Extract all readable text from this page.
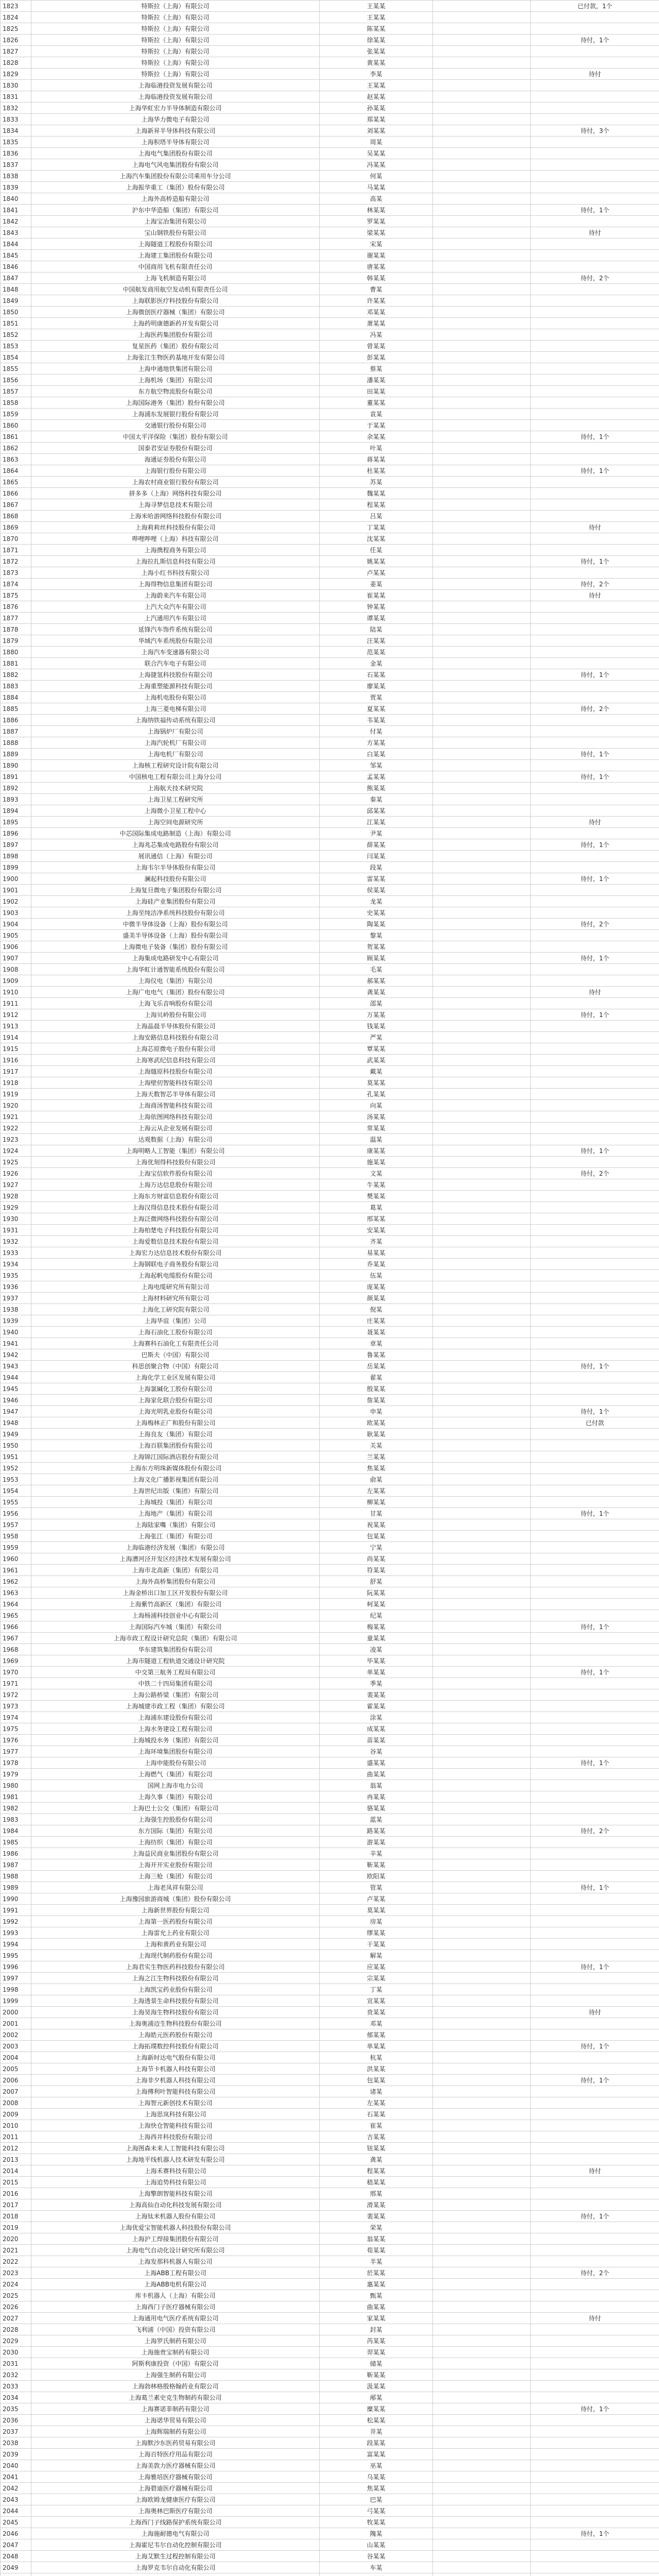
1823	特斯拉（上海）有限公司	王某某		已付款，1个
1824	特斯拉（上海）有限公司	王某某		
1825	特斯拉（上海）有限公司	陈某某		
1826	特斯拉（上海）有限公司	徐某某		待付，1个
1827	特斯拉（上海）有限公司	张某某		
1828	特斯拉（上海）有限公司	黄某某		
1829	特斯拉（上海）有限公司	李某		待付
1830	上海临港投资发展有限公司	王某某		
1831	上海临港投资发展有限公司	赵某某		
1832	上海华虹宏力半导体制造有限公司	孙某某		
1833	上海华力微电子有限公司	郑某某		
1834	上海新昇半导体科技有限公司	刘某某		待付，3个
1835	上海积塔半导体有限公司	周某		
1836	上海电气集团股份有限公司	吴某某		
1837	上海电气风电集团股份有限公司	冯某某		
1838	上海汽车集团股份有限公司乘用车分公司	何某		
1839	上海振华重工（集团）股份有限公司	马某某		
1840	上海外高桥造船有限公司	高某		
1841	沪东中华造船（集团）有限公司	林某某		待付，1个
1842	上海宝冶集团有限公司	罗某某		
1843	宝山钢铁股份有限公司	梁某某		待付
1844	上海隧道工程股份有限公司	宋某		
1845	上海建工集团股份有限公司	谢某某		
1846	中国商用飞机有限责任公司	唐某某		
1847	上海飞机制造有限公司	韩某某		待付，2个
1848	中国航发商用航空发动机有限责任公司	曹某		
1849	上海联影医疗科技股份有限公司	许某某		
1850	上海微创医疗器械（集团）有限公司	邓某某		
1851	上海药明康德新药开发有限公司	萧某某		
1852	上海医药集团股份有限公司	冯某		
1853	复星医药（集团）股份有限公司	曾某某		
1854	上海张江生物医药基地开发有限公司	彭某某		
1855	上海申通地铁集团有限公司	蔡某		
1856	上海机场（集团）有限公司	潘某某		
1857	东方航空物流股份有限公司	田某某		
1858	上海国际港务（集团）股份有限公司	董某某		
1859	上海浦东发展银行股份有限公司	袁某		
1860	交通银行股份有限公司	于某某		
1861	中国太平洋保险（集团）股份有限公司	余某某		待付，1个
1862	国泰君安证券股份有限公司	叶某		
1863	海通证券股份有限公司	蒋某某		
1864	上海银行股份有限公司	杜某某		待付，1个
1865	上海农村商业银行股份有限公司	苏某		
1866	拼多多（上海）网络科技有限公司	魏某某		
1867	上海寻梦信息技术有限公司	程某某		
1868	上海米哈游网络科技股份有限公司	吕某		
1869	上海莉莉丝科技股份有限公司	丁某某		待付
1870	哔哩哔哩（上海）科技有限公司	沈某某		
1871	上海携程商务有限公司	任某		
1872	上海拉扎斯信息科技有限公司	姚某某		待付，1个
1873	上海小红书科技有限公司	卢某某		
1874	上海得物信息集团有限公司	姜某		待付，2个
1875	上海蔚来汽车有限公司	崔某某		待付
1876	上汽大众汽车有限公司	钟某某		
1877	上汽通用汽车有限公司	谭某某		
1878	延锋汽车饰件系统有限公司	陆某		
1879	华域汽车系统股份有限公司	汪某某		
1880	上海汽车变速器有限公司	范某某		
1881	联合汽车电子有限公司	金某		
1882	上海捷氢科技股份有限公司	石某某		待付，1个
1883	上海重塑能源科技有限公司	廖某某		
1884	上海机电股份有限公司	贾某		
1885	上海三菱电梯有限公司	夏某某		待付，2个
1886	上海纳铁福传动系统有限公司	韦某某		
1887	上海锅炉厂有限公司	付某		
1888	上海汽轮机厂有限公司	方某某		
1889	上海电机厂有限公司	白某某		待付，1个
1890	上海核工程研究设计院有限公司	邹某		
1891	中国核电工程有限公司上海分公司	孟某某		待付，1个
1892	上海航天技术研究院	熊某某		
1893	上海卫星工程研究所	秦某		
1894	上海微小卫星工程中心	邱某某		
1895	上海空间电源研究所	江某某		待付
1896	中芯国际集成电路制造（上海）有限公司	尹某		
1897	上海兆芯集成电路股份有限公司	薛某某		待付，1个
1898	展讯通信（上海）有限公司	闫某某		
1899	上海韦尔半导体股份有限公司	段某		
1900	澜起科技股份有限公司	雷某某		待付，1个
1901	上海复旦微电子集团股份有限公司	侯某某		
1902	上海硅产业集团股份有限公司	龙某		
1903	上海至纯洁净系统科技股份有限公司	史某某		
1904	中微半导体设备（上海）股份有限公司	陶某某		待付，2个
1905	盛美半导体设备（上海）股份有限公司	黎某		
1906	上海微电子装备（集团）股份有限公司	贺某某		
1907	上海集成电路研发中心有限公司	顾某某		待付，1个
1908	上海华虹计通智能系统股份有限公司	毛某		
1909	上海仪电（集团）有限公司	郝某某		
1910	上海广电电气（集团）股份有限公司	龚某某		待付
1911	上海飞乐音响股份有限公司	邵某		
1912	上海贝岭股份有限公司	万某某		待付，1个
1913	上海晶晨半导体股份有限公司	钱某某		
1914	上海安路信息科技股份有限公司	严某		
1915	上海芯原微电子股份有限公司	覃某某		
1916	上海寒武纪信息科技有限公司	武某某		
1917	上海燧原科技股份有限公司	戴某		
1918	上海壁仞智能科技有限公司	莫某某		
1919	上海天数智芯半导体有限公司	孔某某		
1920	上海商汤智能科技有限公司	向某		
1921	上海依图网络科技有限公司	汤某某		
1922	上海云从企业发展有限公司	常某某		
1923	达观数据（上海）有限公司	温某		
1924	上海明略人工智能（集团）有限公司	康某某		待付，1个
1925	上海优刻得科技股份有限公司	施某某		
1926	上海宝信软件股份有限公司	文某		待付，2个
1927	上海万达信息股份有限公司	牛某某		
1928	上海东方财富信息股份有限公司	樊某某		
1929	上海汉得信息技术股份有限公司	葛某		
1930	上海泛微网络科技股份有限公司	邢某某		
1931	上海柏楚电子科技股份有限公司	安某某		
1932	上海爱数信息技术股份有限公司	齐某		
1933	上海宏力达信息技术股份有限公司	易某某		
1934	上海钢联电子商务股份有限公司	乔某某		
1935	上海起帆电缆股份有限公司	伍某		
1936	上海电缆研究所有限公司	庞某某		
1937	上海材料研究所有限公司	颜某某		
1938	上海化工研究院有限公司	倪某		
1939	上海华谊（集团）公司	庄某某		
1940	上海石油化工股份有限公司	聂某某		
1941	上海赛科石油化工有限责任公司	章某		
1942	巴斯夫（中国）有限公司	鲁某某		
1943	科思创聚合物（中国）有限公司	岳某某		待付，1个
1944	上海化学工业区发展有限公司	翟某		
1945	上海氯碱化工股份有限公司	殷某某		
1946	上海家化联合股份有限公司	詹某某		
1947	上海光明乳业股份有限公司	申某		待付，1个
1948	上海梅林正广和股份有限公司	欧某某		已付款
1949	上海良友（集团）有限公司	耿某某		
1950	上海百联集团股份有限公司	关某		
1951	上海锦江国际酒店股份有限公司	兰某某		
1952	上海东方明珠新媒体股份有限公司	焦某某		
1953	上海文化广播影视集团有限公司	俞某		
1954	上海世纪出版（集团）有限公司	左某某		
1955	上海城投（集团）有限公司	柳某某		
1956	上海地产（集团）有限公司	甘某		待付，1个
1957	上海陆家嘴（集团）有限公司	祝某某		
1958	上海张江（集团）有限公司	包某某		
1959	上海临港经济发展（集团）有限公司	宁某		
1960	上海漕河泾开发区经济技术发展有限公司	尚某某		
1961	上海市北高新（集团）有限公司	符某某		
1962	上海外高桥集团股份有限公司	舒某		
1963	上海金桥出口加工区开发股份有限公司	阮某某		
1964	上海紫竹高新区（集团）有限公司	柯某某		
1965	上海杨浦科技创业中心有限公司	纪某		
1966	上海国际汽车城（集团）有限公司	梅某某		待付，1个
1967	上海市政工程设计研究总院（集团）有限公司	童某某		
1968	华东建筑集团股份有限公司	凌某		
1969	上海市隧道工程轨道交通设计研究院	毕某某		
1970	中交第三航务工程局有限公司	单某某		待付，1个
1971	中铁二十四局集团有限公司	季某		
1972	上海公路桥梁（集团）有限公司	裴某某		
1973	上海城建市政工程（集团）有限公司	霍某某		
1974	上海浦东建设股份有限公司	涂某		
1975	上海水务建设工程有限公司	成某某		
1976	上海城投水务（集团）有限公司	苗某某		
1977	上海环境集团股份有限公司	谷某		
1978	上海申能股份有限公司	盛某某		待付，1个
1979	上海燃气（集团）有限公司	曲某某		
1980	国网上海市电力公司	翁某		
1981	上海久事（集团）有限公司	冉某某		
1982	上海巴士公交（集团）有限公司	骆某某		
1983	上海强生控股股份有限公司	蓝某		
1984	东方国际（集团）有限公司	路某某		待付，2个
1985	上海纺织（集团）有限公司	游某某		
1986	上海益民商业集团股份有限公司	辛某		
1987	上海开开实业股份有限公司	靳某某		
1988	上海三枪（集团）有限公司	欧阳某		
1989	上海老凤祥有限公司	管某		待付，1个
1990	上海豫园旅游商城（集团）股份有限公司	卢某某		
1991	上海新世界股份有限公司	莫某某		
1992	上海第一医药股份有限公司	房某		
1993	上海雷允上药业有限公司	缪某某		
1994	上海和黄药业有限公司	干某某		
1995	上海现代制药股份有限公司	解某		
1996	上海君实生物医药科技股份有限公司	应某某		待付，1个
1997	上海之江生物科技股份有限公司	宗某某		
1998	上海凯宝药业股份有限公司	丁某		
1999	上海透景生命科技股份有限公司	宣某某		
2000	上海昊海生物科技股份有限公司	贲某某		待付
2001	上海奥浦迈生物科技股份有限公司	邓某		
2002	上海皓元医药股份有限公司	郁某某		
2003	上海拓璞数控科技股份有限公司	单某某		待付，1个
2004	上海新时达电气股份有限公司	杭某		
2005	上海节卡机器人科技有限公司	洪某某		
2006	上海非夕机器人科技有限公司	包某某		待付，1个
2007	上海傅利叶智能科技有限公司	诸某		
2008	上海智元新创技术有限公司	左某某		
2009	上海思岚科技有限公司	石某某		
2010	上海快仓智能科技有限公司	崔某		
2011	上海西井科技股份有限公司	吉某某		
2012	上海图森未来人工智能科技有限公司	钮某某		
2013	上海地平线机器人技术研发有限公司	龚某		
2014	上海禾赛科技有限公司	程某某		待付
2015	上海追势科技有限公司	嵇某某		
2016	上海擎朗智能科技有限公司	邢某		
2017	上海高仙自动化科技发展有限公司	滑某某		
2018	上海钛米机器人股份有限公司	裴某某		待付，1个
2019	上海优爱宝智能机器人科技股份有限公司	荣某		
2020	上海沪工焊接集团股份有限公司	翁某某		
2021	上海电气自动化设计研究所有限公司	荀某某		
2022	上海发那科机器人有限公司	羊某		
2023	上海ABB工程有限公司	於某某		待付，2个
2024	上海ABB电机有限公司	惠某某		
2025	库卡机器人（上海）有限公司	甄某		
2026	上海西门子医疗器械有限公司	曲某某		
2027	上海通用电气医疗系统有限公司	家某某		待付
2028	飞利浦（中国）投资有限公司	封某		
2029	上海罗氏制药有限公司	芮某某		
2030	上海施贵宝制药有限公司	羿某某		
2031	阿斯利康投资（中国）有限公司	储某		
2032	上海强生制药有限公司	靳某某		
2033	上海勃林格殷格翰药业有限公司	汲某某		
2034	上海葛兰素史克生物制药有限公司	邴某		
2035	上海赛诺菲制药有限公司	糜某某		待付，1个
2036	上海诺华贸易有限公司	松某某		
2037	上海辉瑞制药有限公司	井某		
2038	上海默沙东医药贸易有限公司	段某某		
2039	上海百特医疗用品有限公司	富某某		
2040	上海美敦力医疗器械有限公司	巫某		
2041	上海雅培医疗器械有限公司	乌某某		
2042	上海碧迪医疗器械有限公司	焦某某		
2043	上海欧姆龙健康医疗有限公司	巴某		
2044	上海奥林巴斯医疗有限公司	弓某某		
2045	上海西门子线路保护系统有限公司	牧某某		
2046	上海施耐德电气有限公司	隗某		待付，1个
2047	上海霍尼韦尔自动化控制有限公司	山某某		
2048	上海艾默生过程控制有限公司	谷某某		
2049	上海罗克韦尔自动化有限公司	车某		
